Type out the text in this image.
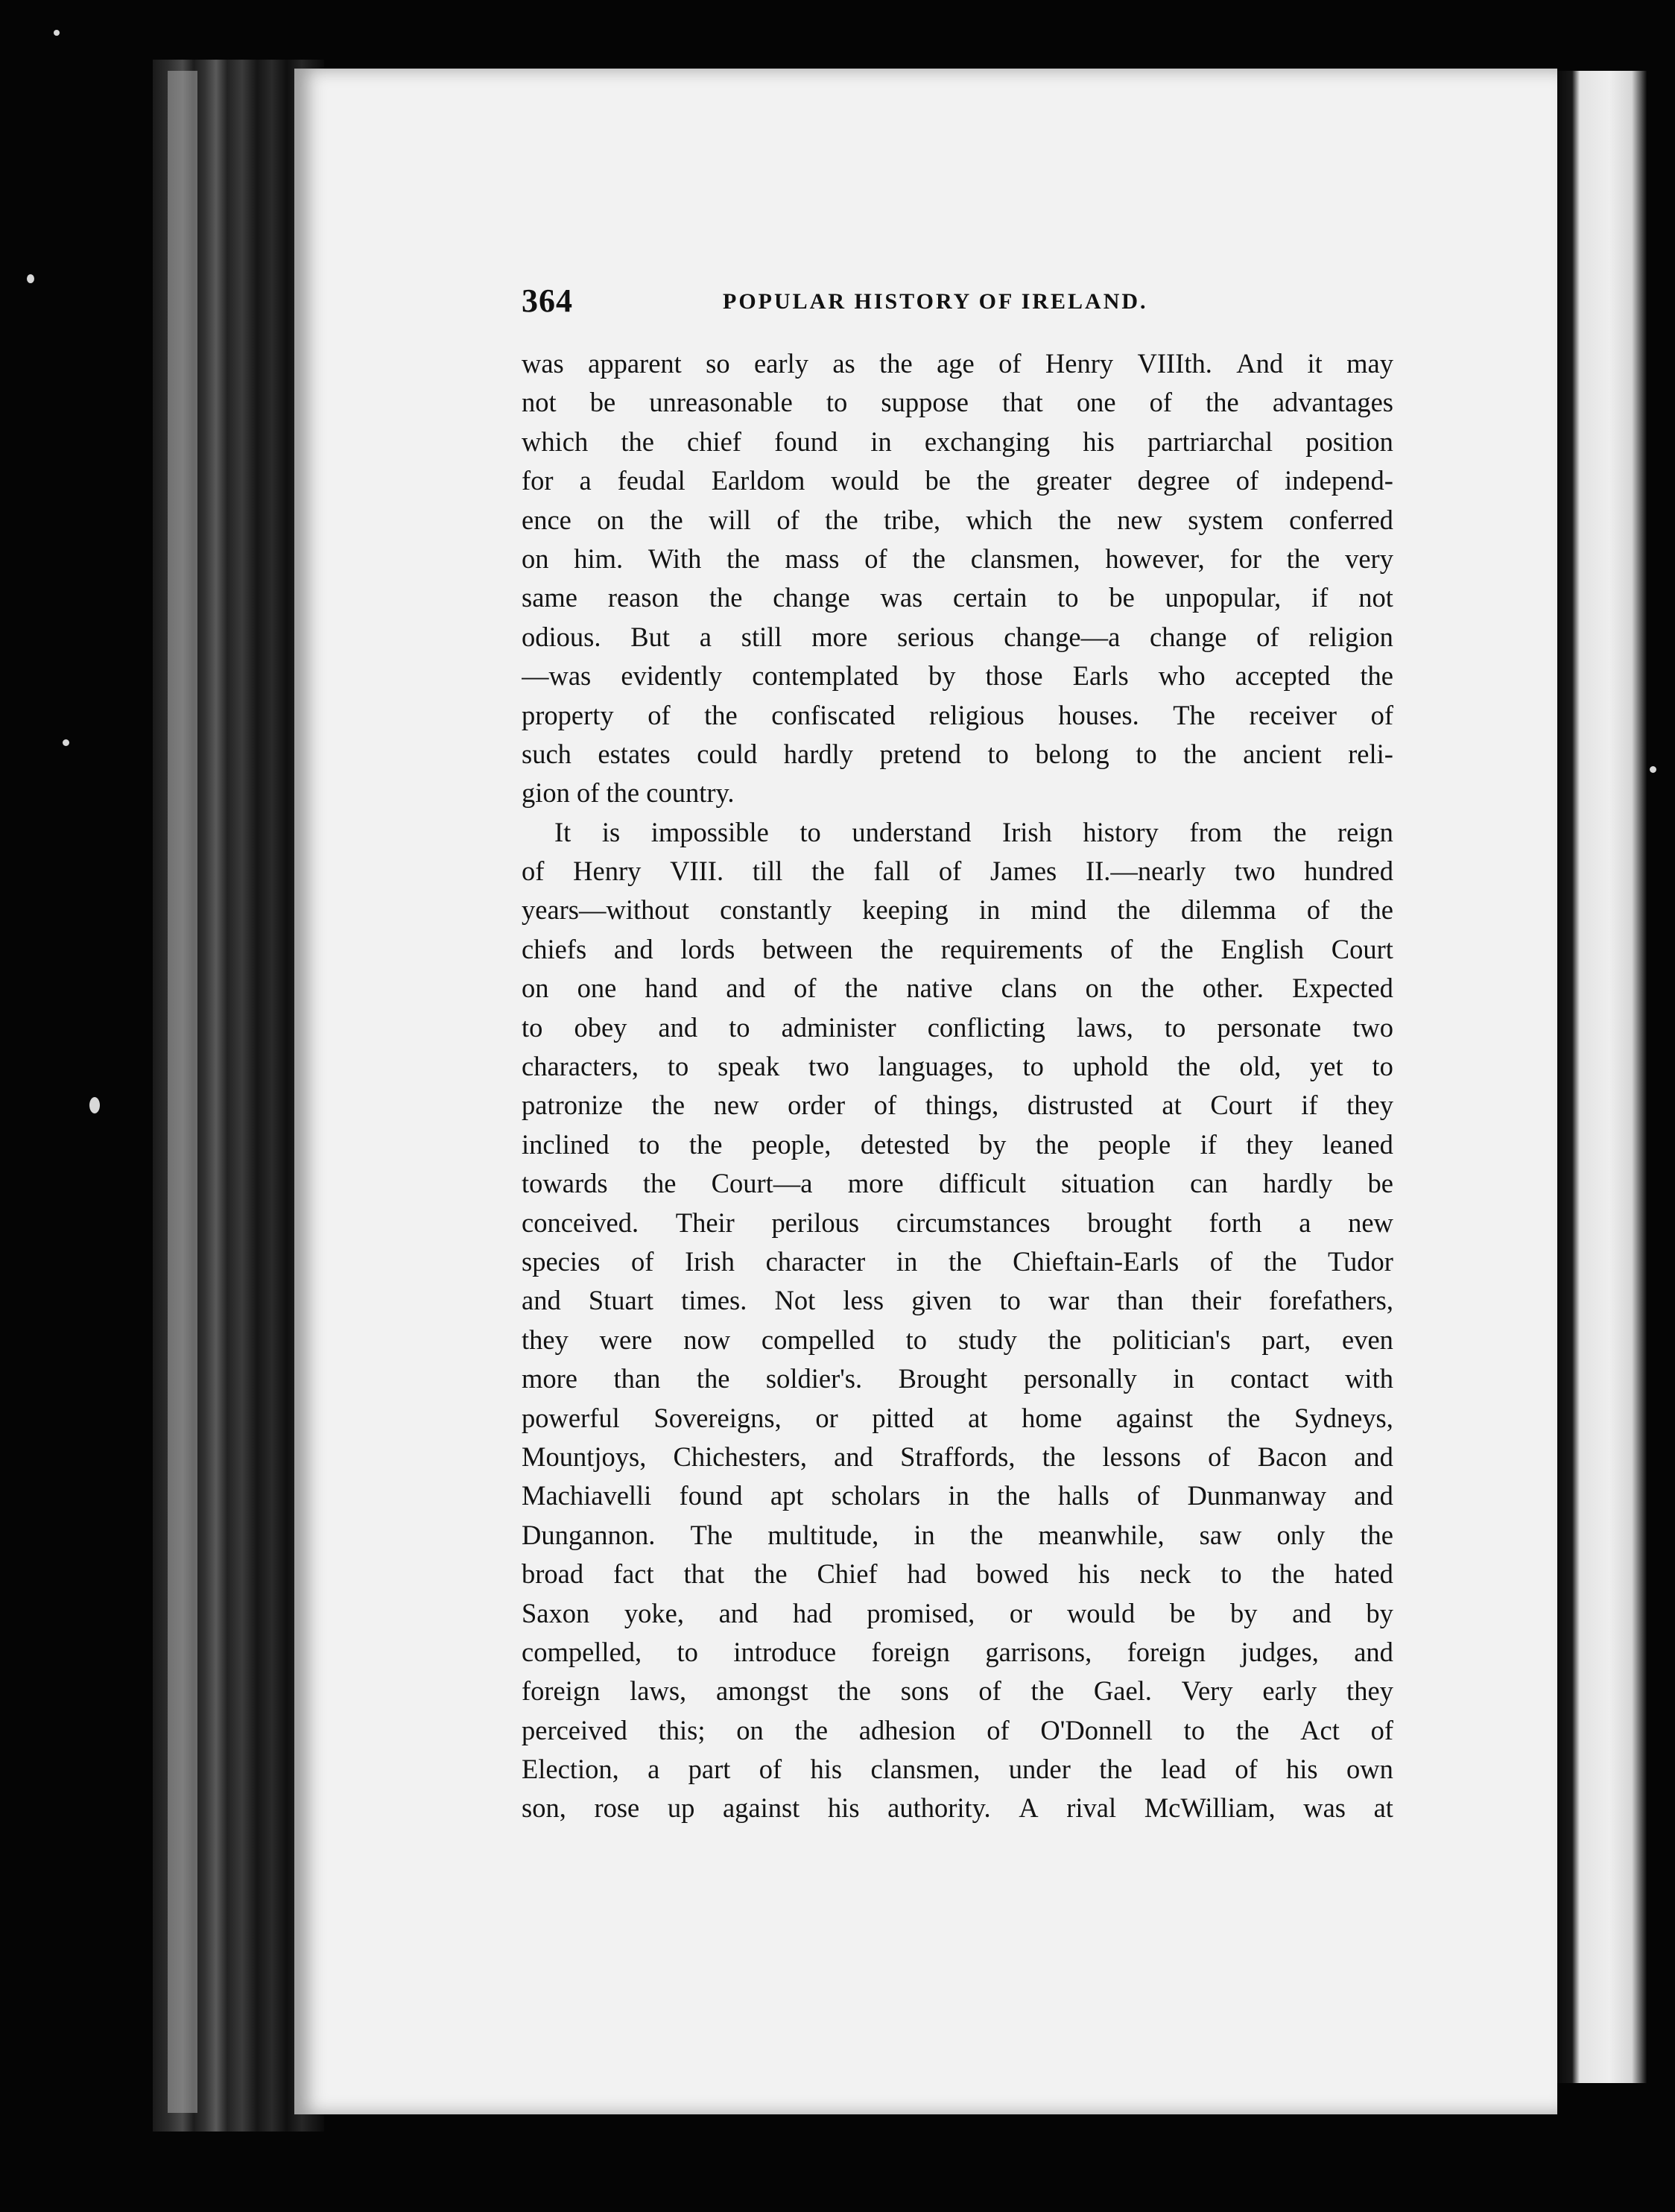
364	POPULAR HISTORY OF IRELAND.
was apparent so early as the age of Henry VIIIth. And it may
not be unreasonable to suppose that one of the advantages
which the chief found in exchanging his partriarchal position
for a feudal Earldom would be the greater degree of independ-
ence on the will of the tribe, which the new system conferred
on him. With the mass of the clansmen, however, for the very
same reason the change was certain to be unpopular, if not
odious. But a still more serious change—a change of religion
—was evidently contemplated by those Earls who accepted the
property of the confiscated religious houses. The receiver of
such estates could hardly pretend to belong to the ancient reli-
gion of the country.
It is impossible to understand Irish history from the reign
of Henry VIII. till the fall of James II.—nearly two hundred
years—without constantly keeping in mind the dilemma of the
chiefs and lords between the requirements of the English Court
on one hand and of the native clans on the other. Expected
to obey and to administer conflicting laws, to personate two
characters, to speak two languages, to uphold the old, yet to
patronize the new order of things, distrusted at Court if they
inclined to the people, detested by the people if they leaned
towards the Court—a more difficult situation can hardly be
conceived. Their perilous circumstances brought forth a new
species of Irish character in the Chieftain-Earls of the Tudor
and Stuart times. Not less given to war than their forefathers,
they were now compelled to study the politician's part, even
more than the soldier's. Brought personally in contact with
powerful Sovereigns, or pitted at home against the Sydneys,
Mountjoys, Chichesters, and Straffords, the lessons of Bacon and
Machiavelli found apt scholars in the halls of Dunmanway and
Dungannon. The multitude, in the meanwhile, saw only the
broad fact that the Chief had bowed his neck to the hated
Saxon yoke, and had promised, or would be by and by
compelled, to introduce foreign garrisons, foreign judges, and
foreign laws, amongst the sons of the Gael. Very early they
perceived this; on the adhesion of O'Donnell to the Act of
Election, a part of his clansmen, under the lead of his own
son, rose up against his authority. A rival McWilliam, was at
